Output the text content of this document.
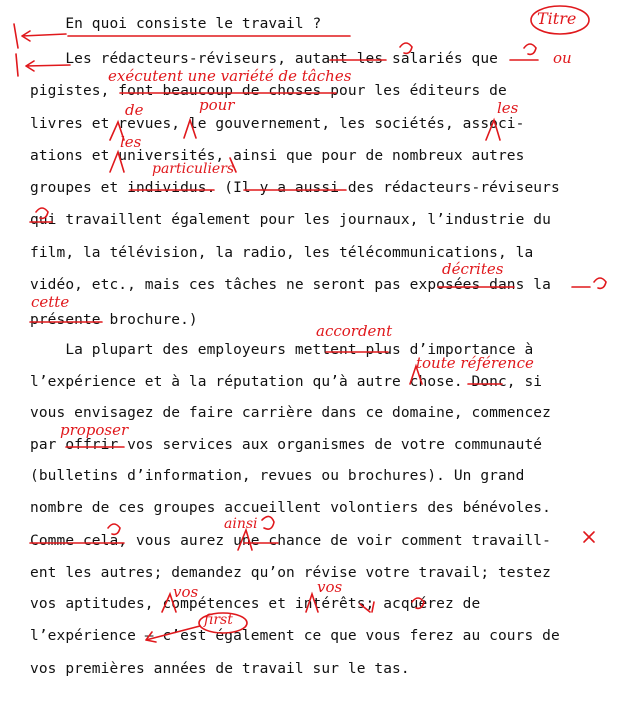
En quoi consiste le travail ?
Les rédacteurs-réviseurs, autant les salariés que
pigistes, font beaucoup de choses pour les éditeurs de
livres et revues, le gouvernement, les sociétés, associ-
ations et universités, ainsi que pour de nombreux autres
groupes et individus. (Il y a aussi des rédacteurs-réviseurs
qui travaillent également pour les journaux, l’industrie du
film, la télévision, la radio, les télécommunications, la
vidéo, etc., mais ces tâches ne seront pas exposées dans la
présente brochure.)
La plupart des employeurs mettent plus d’importance à
l’expérience et à la réputation qu’à autre chose. Donc, si
vous envisagez de faire carrière dans ce domaine, commencez
par offrir vos services aux organismes de votre communauté
(bulletins d’information, revues ou brochures). Un grand
nombre de ces groupes accueillent volontiers des bénévoles.
Comme cela, vous aurez une chance de voir comment travaill-
ent les autres; demandez qu’on révise votre travail; testez
vos aptitudes, compétences et intérêts; acquérez de
l’expérience — c’est également ce que vous ferez au cours de
vos premières années de travail sur le tas.
Titre
ou
exécutent une variété de tâches
de	pour	les
les
particuliers
décrites
cette
accordent
toute référence
proposer
ainsi
vos	vos
first
